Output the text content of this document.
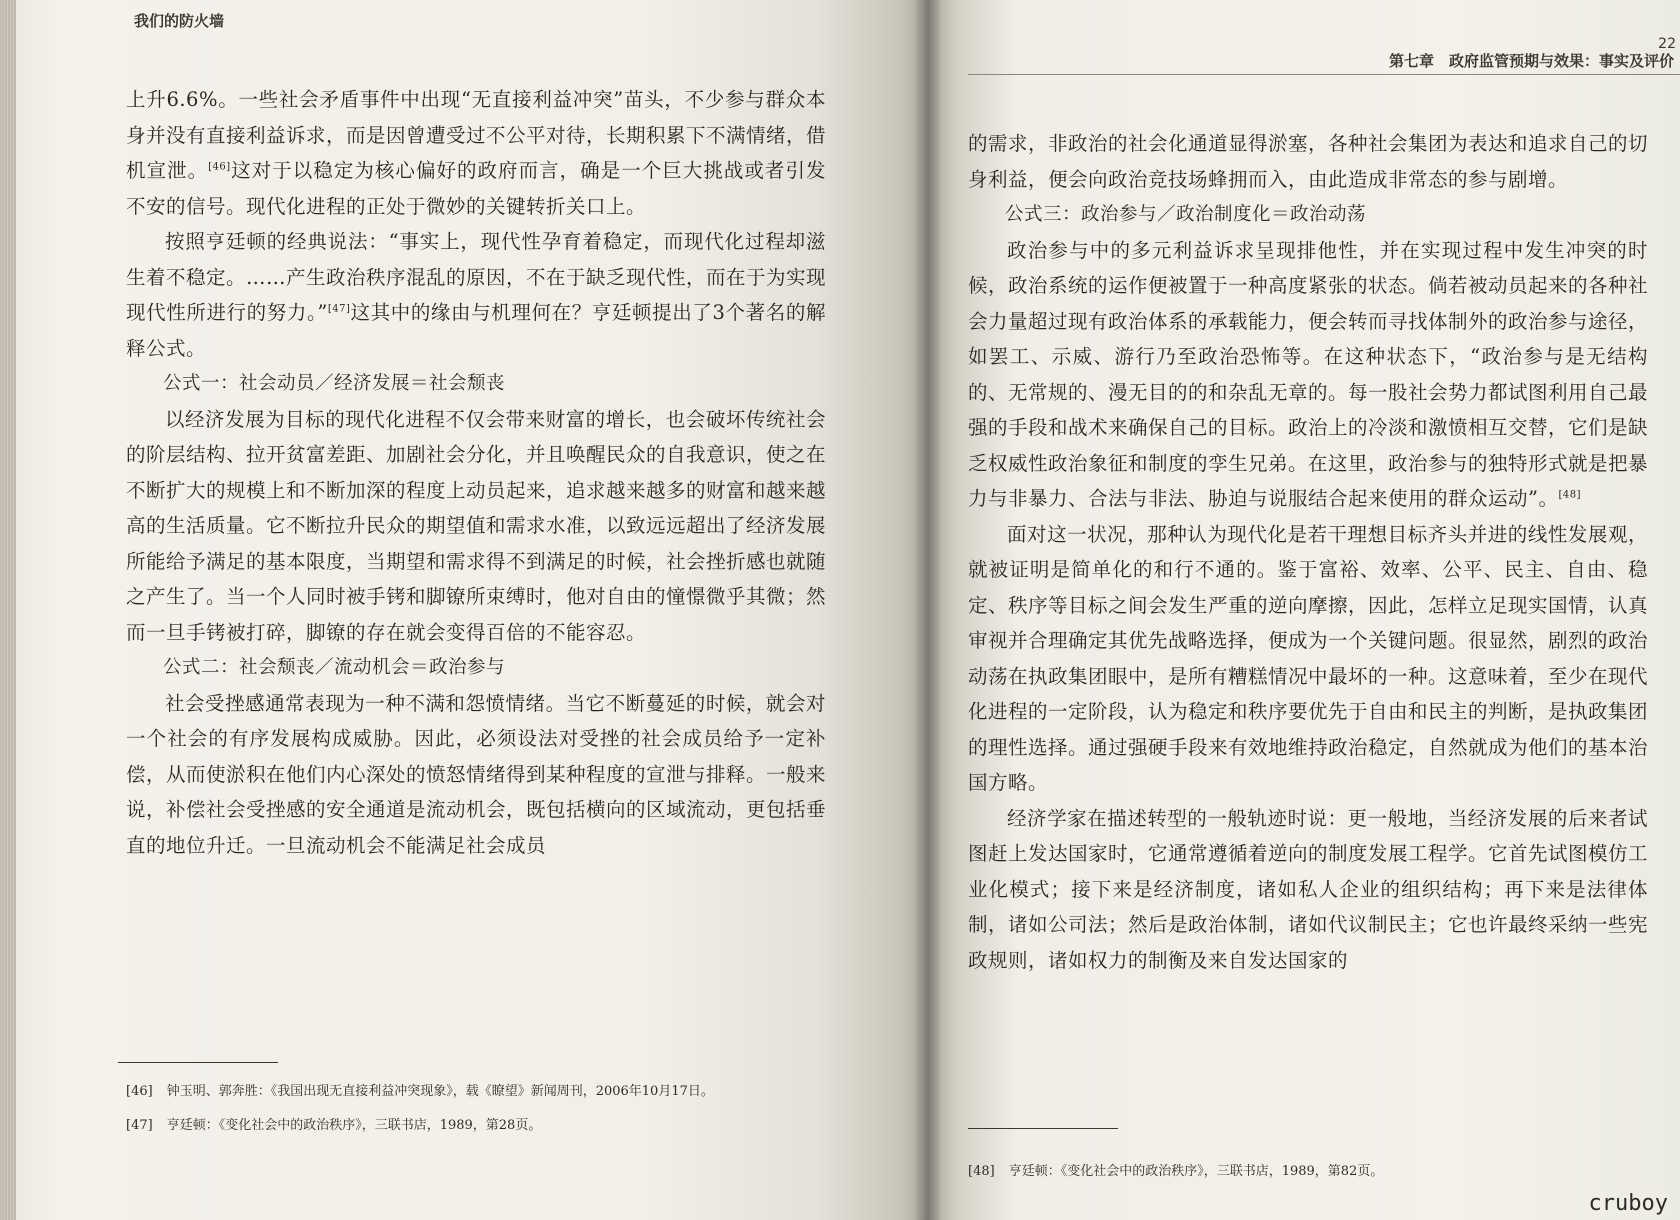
我们的防火墙

上升6.6%。一些社会矛盾事件中出现“无直接利益冲突”苗头，不少参与群众本身并没有直接利益诉求，而是因曾遭受过不公平对待，长期积累下不满情绪，借机宣泄。[46]这对于以稳定为核心偏好的政府而言，确是一个巨大挑战或者引发不安的信号。现代化进程的正处于微妙的关键转折关口上。

按照亨廷顿的经典说法：“事实上，现代性孕育着稳定，而现代化过程却滋生着不稳定。……产生政治秩序混乱的原因，不在于缺乏现代性，而在于为实现现代性所进行的努力。”[47]这其中的缘由与机理何在？亨廷顿提出了3个著名的解释公式。

公式一：社会动员／经济发展＝社会颓丧

以经济发展为目标的现代化进程不仅会带来财富的增长，也会破坏传统社会的阶层结构、拉开贫富差距、加剧社会分化，并且唤醒民众的自我意识，使之在不断扩大的规模上和不断加深的程度上动员起来，追求越来越多的财富和越来越高的生活质量。它不断拉升民众的期望值和需求水准，以致远远超出了经济发展所能给予满足的基本限度，当期望和需求得不到满足的时候，社会挫折感也就随之产生了。当一个人同时被手铐和脚镣所束缚时，他对自由的憧憬微乎其微；然而一旦手铐被打碎，脚镣的存在就会变得百倍的不能容忍。

公式二：社会颓丧／流动机会＝政治参与

社会受挫感通常表现为一种不满和怨愤情绪。当它不断蔓延的时候，就会对一个社会的有序发展构成威胁。因此，必须设法对受挫的社会成员给予一定补偿，从而使淤积在他们内心深处的愤怒情绪得到某种程度的宣泄与排释。一般来说，补偿社会受挫感的安全通道是流动机会，既包括横向的区域流动，更包括垂直的地位升迁。一旦流动机会不能满足社会成员

[46] 钟玉明、郭奔胜：《我国出现无直接利益冲突现象》，载《瞭望》新闻周刊，2006年10月17日。

[47] 亨廷顿：《变化社会中的政治秩序》，三联书店，1989，第28页。

22
第七章　政府监管预期与效果：事实及评价

的需求，非政治的社会化通道显得淤塞，各种社会集团为表达和追求自己的切身利益，便会向政治竞技场蜂拥而入，由此造成非常态的参与剧增。

公式三：政治参与／政治制度化＝政治动荡

政治参与中的多元利益诉求呈现排他性，并在实现过程中发生冲突的时候，政治系统的运作便被置于一种高度紧张的状态。倘若被动员起来的各种社会力量超过现有政治体系的承载能力，便会转而寻找体制外的政治参与途径，如罢工、示威、游行乃至政治恐怖等。在这种状态下，“政治参与是无结构的、无常规的、漫无目的的和杂乱无章的。每一股社会势力都试图利用自己最强的手段和战术来确保自己的目标。政治上的冷淡和激愤相互交替，它们是缺乏权威性政治象征和制度的孪生兄弟。在这里，政治参与的独特形式就是把暴力与非暴力、合法与非法、胁迫与说服结合起来使用的群众运动”。[48]

面对这一状况，那种认为现代化是若干理想目标齐头并进的线性发展观，就被证明是简单化的和行不通的。鉴于富裕、效率、公平、民主、自由、稳定、秩序等目标之间会发生严重的逆向摩擦，因此，怎样立足现实国情，认真审视并合理确定其优先战略选择，便成为一个关键问题。很显然，剧烈的政治动荡在执政集团眼中，是所有糟糕情况中最坏的一种。这意味着，至少在现代化进程的一定阶段，认为稳定和秩序要优先于自由和民主的判断，是执政集团的理性选择。通过强硬手段来有效地维持政治稳定，自然就成为他们的基本治国方略。

经济学家在描述转型的一般轨迹时说：更一般地，当经济发展的后来者试图赶上发达国家时，它通常遵循着逆向的制度发展工程学。它首先试图模仿工业化模式；接下来是经济制度，诸如私人企业的组织结构；再下来是法律体制，诸如公司法；然后是政治体制，诸如代议制民主；它也许最终采纳一些宪政规则，诸如权力的制衡及来自发达国家的

[48] 亨廷顿：《变化社会中的政治秩序》，三联书店，1989，第82页。

cruboy
